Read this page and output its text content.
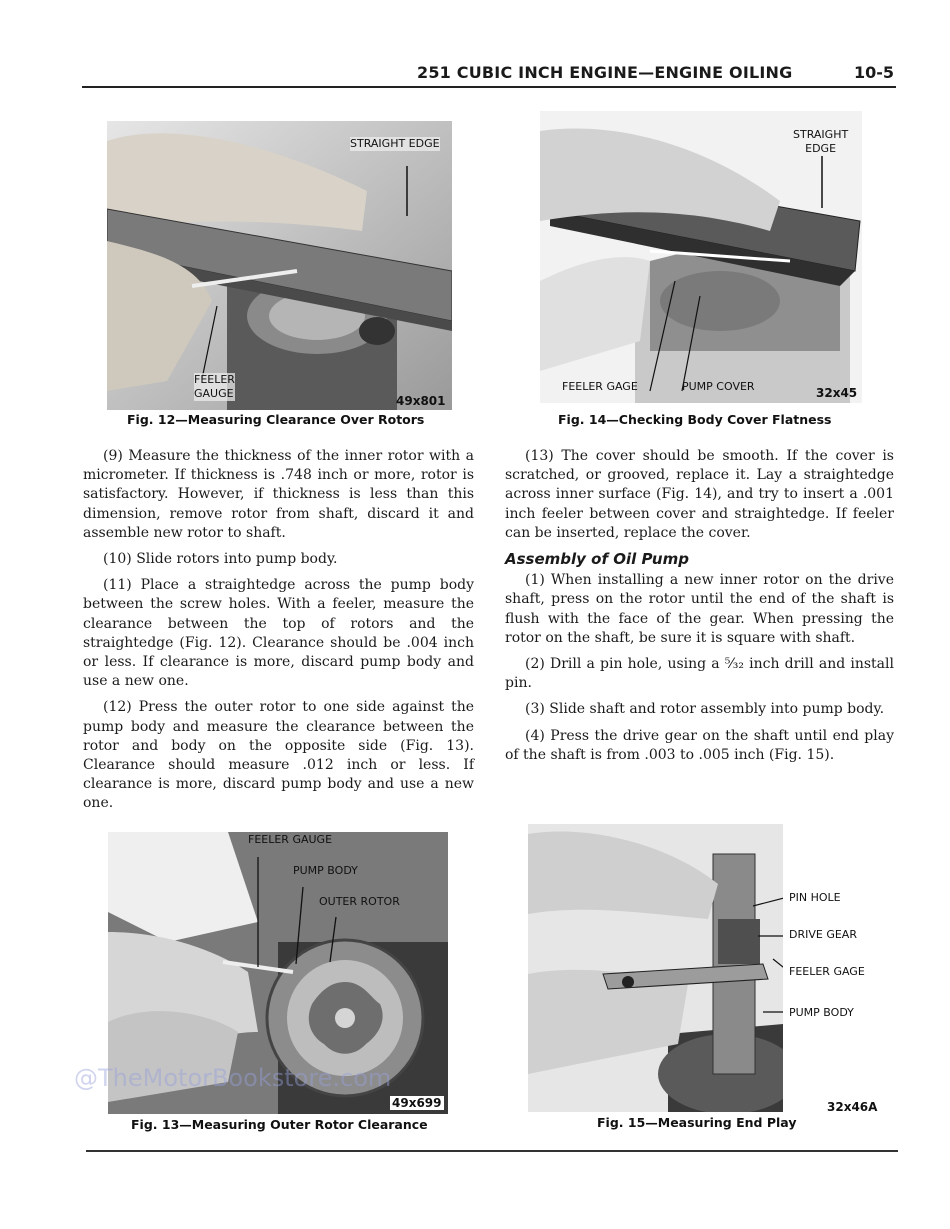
251 CUBIC INCH ENGINE—ENGINE OILING	10-5
STRAIGHT EDGE
FEELER
GAUGE
49x801
Fig. 12—Measuring Clearance Over Rotors
STRAIGHT
EDGE
FEELER GAGE	PUMP COVER	32x45
Fig. 14—Checking Body Cover Flatness

(9) Measure the thickness of the inner rotor with a micrometer. If thickness is .748 inch or more, rotor is satisfactory. However, if thickness is less than this dimension, remove rotor from shaft, discard it and assemble new rotor to shaft.

(10) Slide rotors into pump body.

(11) Place a straightedge across the pump body between the screw holes. With a feeler, measure the clearance between the top of rotors and the straightedge (Fig. 12). Clearance should be .004 inch or less. If clearance is more, discard pump body and use a new one.

(12) Press the outer rotor to one side against the pump body and measure the clearance between the rotor and body on the opposite side (Fig. 13). Clearance should measure .012 inch or less. If clearance is more, discard pump body and use a new one.

(13) The cover should be smooth. If the cover is scratched, or grooved, replace it. Lay a straightedge across inner surface (Fig. 14), and try to insert a .001 inch feeler between cover and straightedge. If feeler can be inserted, replace the cover.

Assembly of Oil Pump

(1) When installing a new inner rotor on the drive shaft, press on the rotor until the end of the shaft is flush with the face of the gear. When pressing the rotor on the shaft, be sure it is square with shaft.

(2) Drill a pin hole, using a ⁵⁄₃₂ inch drill and install pin.

(3) Slide shaft and rotor assembly into pump body.

(4) Press the drive gear on the shaft until end play of the shaft is from .003 to .005 inch (Fig. 15).

FEELER GAUGE
PUMP BODY
OUTER ROTOR
49x699
Fig. 13—Measuring Outer Rotor Clearance
PIN HOLE
DRIVE GEAR
FEELER GAGE
PUMP BODY
32x46A
Fig. 15—Measuring End Play
@TheMotorBookstore.com
